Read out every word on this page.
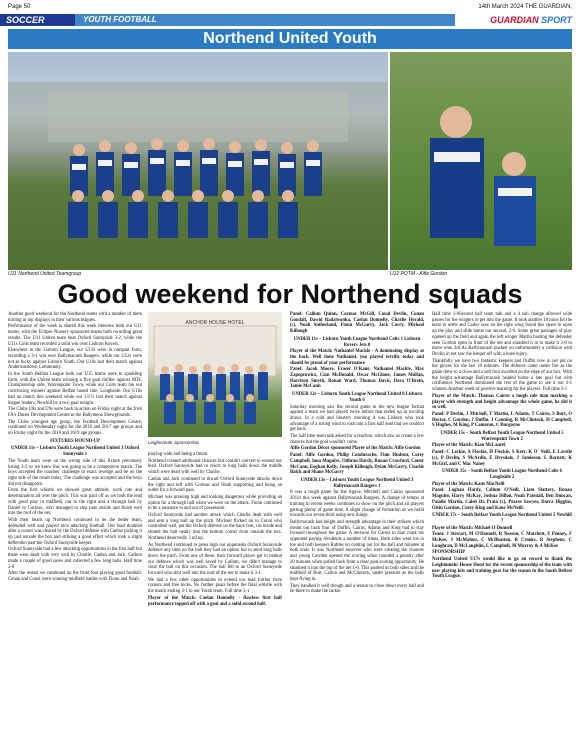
Page 50	14th March 2024 THE GUARDIAN,
SOCCER	YOUTH FOOTBALL	GUARDIAN SPORT
Northend United Youth
U11 Northend United Teamgroup	U12 POTM - Alfie Gordon
Good weekend for Northend squads

Another good weekend for the Northend teams with a number of them turning in top displays in their various leagues.

Performance of the week is shared this week between both our U11 teams, with the Eclipse Nursery sponsored teams both recording great results. The U11 United team beat Oxford Sunnyside 3-2, while the U11s Colts team recorded a solid win over Lisburn Rovers.

Elsewhere in the Lisburn League, our U13s were in rampant form, recording a 3-1 win over Ballymacash Rangers, while our U12s were not as lucky against Lisburn Youth. Our U10s lost their match against Andersonstown Community.

In the South Belfast League both our U15 teams were in sparkling form, with the United team winning a five goal thriller against NIFL Championship side, Warrenpoint Town, while our Colts team ran out convincing winners against Belfast based side, Loughside. Our U16s had no match this weekend while our U17s lost their match against league leaders, Newhill by a two goal margin.

The Clubs U8s and U9s were back in action on Friday night at the Irish FA's Dunes Development Centre in the Ballymena Showgrounds.

The Clubs youngest age group, the Football Development Centre, continued on Wednesday night for the 2016 and 2017 age groups and on Friday night for the 2018 and 2019 age groups.

FIXTURES ROUND-UP

UNDER 11s – Lisburn Youth League Northend United 3 Oxford Sunnyside 1

The Youth team were on the wrong side of this fixture previously losing 3-2 so we knew this was going to be a competitive match. The boys accepted the coaches' challenge to exact revenge and be on the right side of the result today. The challenge was accepted and the boys did not disappoint.

From the first whistle we showed great attitude, work rate and determination all over the pitch. This was paid off as we took the lead with good play in midfield, out to the right and a through ball by Daniel to Cormac, who managed to step past onside and finish well into the roof of the net.

With their heads up Northend continued to be the better team, defended well and played nice attacking football. Our lead doubled after a corner was cleared by the Oxford defense with Caelan picking it up just outside the box and striking a good effort which took a slight deflection past the Oxford Sunnyside keeper.

Oxford Sunnyside had a few attacking opportunities in the first half but these were dealt with very well by Charlie, Caelan and Jack. Callum made a couple of good saves and collected a few long balls. Half time 2-0

After the restart we continued on the front foot playing good football. Conan and Conal were winning midfield battles with Fionn and Noah

ANCHOR HOUSE HOTEL
Leighinmohr Sponsorship

playing wide and being a threat.

Northend created additional chances but couldn't convert to extend our lead. Oxford Sunnyside had to resort to long balls down the middle which were dealt with well by Charlie.

Caelan and Jack continued to thwart Oxford Sunnyside attacks down the right and left with Cormac and Noah supporting and being an outlet for a forward pass.

Michael was pressing high and looking dangerous while providing an option for a through ball when we were on the attack. Fionn continued to be a nuisance in and out of possession.

Oxford Sunnyside had another attack which Charlie dealt with well and sent a long ball up the pitch. Michael flicked on to Conal who controlled well, put the Oxford defence on the back foot, cut inside and slotted the ball neatly into the bottom corner from outside the box. Northend deservedly 3 nil up.

As Northend continued to press high our opponents Oxford Sunnyside defence any time on the ball they had an option but to send long balls down the pitch. From one of these, their forward player got in behind our defence which was well saved by Callum, we didn't manage to clear the ball on this occasion. The ball fell to an Oxford Sunnyside forward who shot well into the roof of the net to make it 3-1.

We had a few other opportunities to extend our lead further from corners and free kicks. No further goals before the final whistle with the match ending 3-1 to our Youth team. Full time 3-1

Player of the Match: Caelan Donnelly - flawless first half performance topped off with a goal and a solid second half.

Panel: Callum Quinn, Cormac McGill, Conal Devlin, Conan Goodall, Dawid Radziwonka, Caelan Donnelly, Charlie Herald, (c), Noah Sutherland, Fionn McGarry, Jack Corry, Michael Killough

UNDER 11s – Lisburn Youth League Northend Colts 1 Lisburn Rovers Jets 0

Player of the Match: Nathaniel Mackle - A dominating display at the back. Well done Nathaniel, you played terrific today and should be proud of your performance

Panel: Jacob Moore, Fraser O'Kane, Nathaniel Mackle, Max Zapoprowicz, Cian McDonald, Oscar McGlone, James Mullan, Harrison Smyth, Ronan Ward, Thomas Davis, Dara O'Brein, Jamie McCann

UNDER 12s – Lisburn Youth League Northend United 0 Lisburn Youth 6

Saturday morning saw the second game in the new league format against a team we had played twice before that ended up in exciting draws. In a cold and blustery morning it was Lisburn who took advantage of a strong wind to rush into a first half lead that we couldn't get back.

The half time team talk asked for a reaction, which saw us create a few chances but the goal wouldn't come.

Alfie Gordon Décor sponsored Player of the Match: Alfie Gordon

Panel: Alfie Gordon, Philip Condurache, Finn Hudson, Corey Campbell, Iona Maguire, Odhran Hardy, Ronan Crawford, Conor McCann, Eoghan Kelly, Joseph Killough, Dylan McGarry, Charlie Balch and Shane McGarry

UNDER 13s – Lisburn Youth League Northend United 3 Ballymacash Rangers 1

It was a tough game for the Agave, Mitchell and Cairns sponsored 2011s this week against Ballymacash Rangers. A change of tempo at training in recent weeks continues to show on the pitch and all players getting plenty of game time. A slight change of formation as we build towards our seven-third using new things.

Ballymacash had height and strength advantage in their strikers which meant our back four of Duffin, Cairns, Adams and King had to stay focused throughout the game. A decision for Cairns to man mark his opponent paying dividends a number of times. Both sides went toe to toe and both keepers Rattles on coming out for the ball and minutes at both ends. It was Northend however who were creating the chances and young Corrden opened the scoring when rounded a penalty after 20 minutes when pulled back from a clear goal scoring opportunity. He smashed it into the top of the net 1-0. This pushed us both sides and the midfield of Burt, Calton and McClintock, under pressure as the balls kept flying in.

They handled it well though and a lesson to close down every ball and be there to make the tackle.

Half time 1-0Second half team talk and a 4 sub change allowed wide passes for the wingers to get into the game. It took another 10 mins for the team to settle and Cailey now on the right wing found this space to open up the play and slide home our second. 2-0. Some great passages of play opened up the field and again the left winger Martin busting the defender seen Gordon open in front of the net and smashed it in to make it 3-0 to move onto 3rd.As Ballymacash pushed on unfortunately a collision with Devlin in net saw the keeper off with a knee injury.

Thankfully we have two fantastic keepers and Duffin now in net put on the gloves for the last 10 minutes. The defence came under fire as the game drew to a close and a soft foul awarded on the edge of our box. With the height advantage Ballymacash headed home a late goal but with confidence Northend dominated the rest of the game to see it out 3-1 winners.Another week of positive learning for the players. Full time 3-1

Player of the Match: Thomas Cairns a tough role man marking a player with strength and height advantage the whole game, he did it so well.

Panel: P Devlin, J Mitchell, T Martin, L Adams, T Cairns, S Burt, O Hector, C Gordon, J Duffin, J Canning, R McClintock, H Campbell, S Hughes, M King, P Cameron, C Burgoyne

UNDER 15s – South Belfast Youth League Northend United 5 Warrenpoint Town 2

Player of the Match: Kian McLaurel

Panel: C Leckie, A Fleckie, H Fleckie, S Kerr, K O' Neill, E Lavelle (c), P Devlin, S McArdle, E Drysdale, J Jamieson, L Barnett, K McGirl, and C Mac Naney

UNDER 15s – South Belfast Youth League Northend Colts 6 Loughside 2

Player of the Match: Kane MacNeill

Panel: Loghan Hardy, Callum O'Neill, Liam Slattery, Ronan Maguire, Harry McKay, Joshua Dillon, Noah Patenall, Ben Duncan, Paudie Martin, Caleb Da Prato (c), Pearse Sawyer, Darra Higgins, Oisin Gordon, Corey King and Kane McNeill.

UNDER 17s – South Belfast Youth League Northend United 5 Newhill 7

Player of the Match: Michael O'Donnell

Team: J Stewart, M O'Donnell, R Neeson, C Matchett, F Penney, F McKee, J McMahon, C McIlhatton, R Crooks, R Stephens, C Loughran, D McLaughlin, L Campbell, M Murray & A McKee

SPONSORSHIP

Northend United U17s would like to go on record to thank the Leighinmohr House Hotel for the recent sponsorship of the team with new playing kits and training gear for the season in the South Belfast Youth League.
